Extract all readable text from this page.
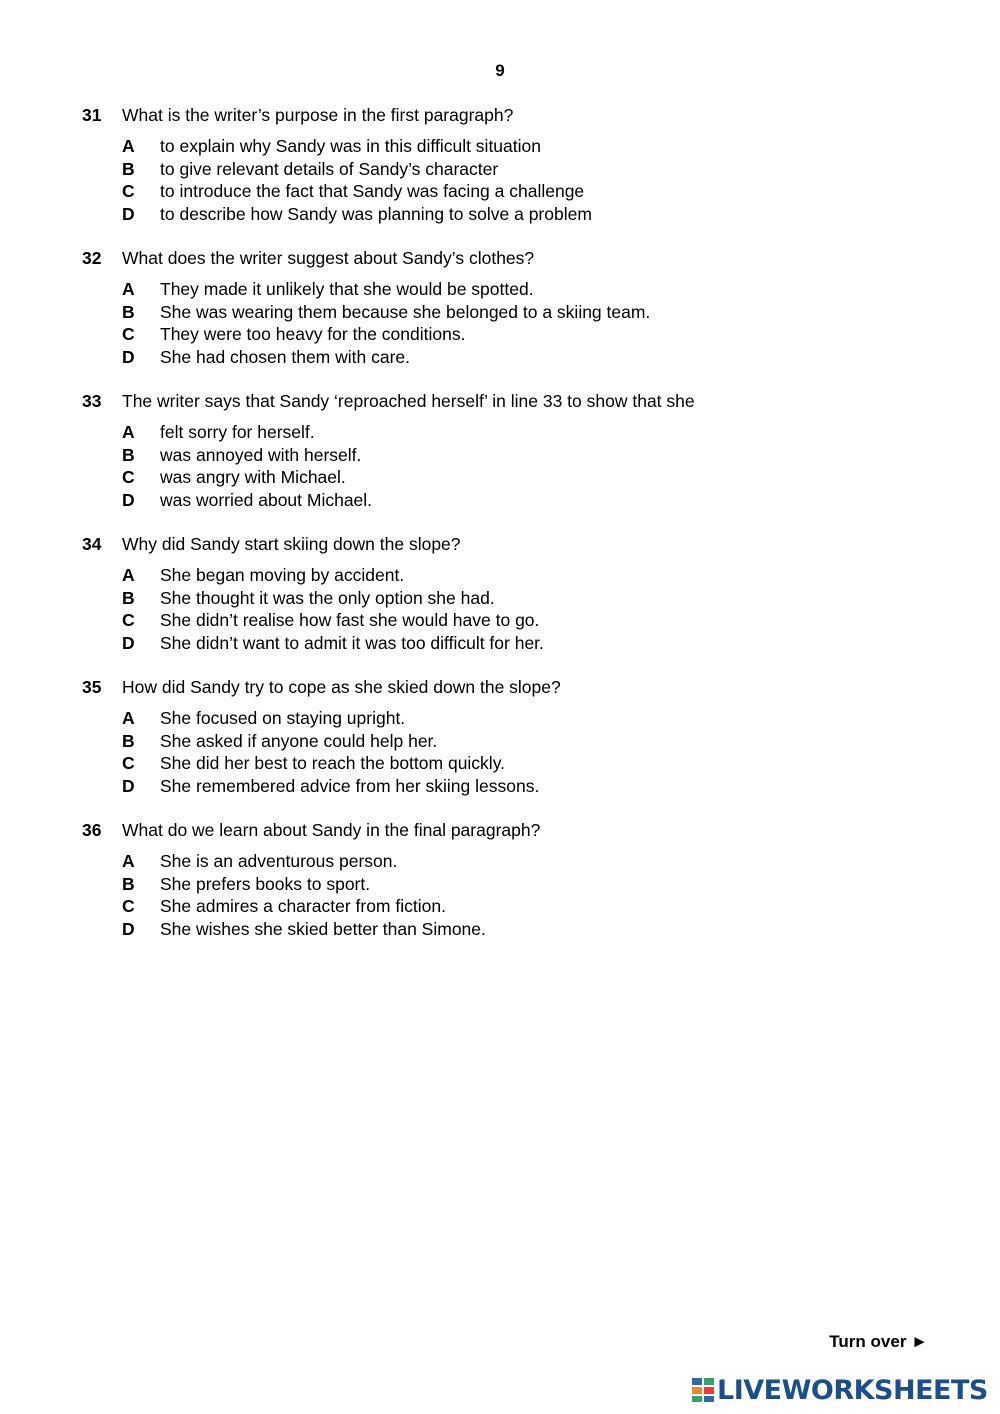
9
31	What is the writer’s purpose in the first paragraph?
A	to explain why Sandy was in this difficult situation
B	to give relevant details of Sandy’s character
C	to introduce the fact that Sandy was facing a challenge
D	to describe how Sandy was planning to solve a problem
32	What does the writer suggest about Sandy’s clothes?
A	They made it unlikely that she would be spotted.
B	She was wearing them because she belonged to a skiing team.
C	They were too heavy for the conditions.
D	She had chosen them with care.
33	The writer says that Sandy ‘reproached herself’ in line 33 to show that she
A	felt sorry for herself.
B	was annoyed with herself.
C	was angry with Michael.
D	was worried about Michael.
34	Why did Sandy start skiing down the slope?
A	She began moving by accident.
B	She thought it was the only option she had.
C	She didn’t realise how fast she would have to go.
D	She didn’t want to admit it was too difficult for her.
35	How did Sandy try to cope as she skied down the slope?
A	She focused on staying upright.
B	She asked if anyone could help her.
C	She did her best to reach the bottom quickly.
D	She remembered advice from her skiing lessons.
36	What do we learn about Sandy in the final paragraph?
A	She is an adventurous person.
B	She prefers books to sport.
C	She admires a character from fiction.
D	She wishes she skied better than Simone.
Turn over ►
LIVEWORKSHEETS
